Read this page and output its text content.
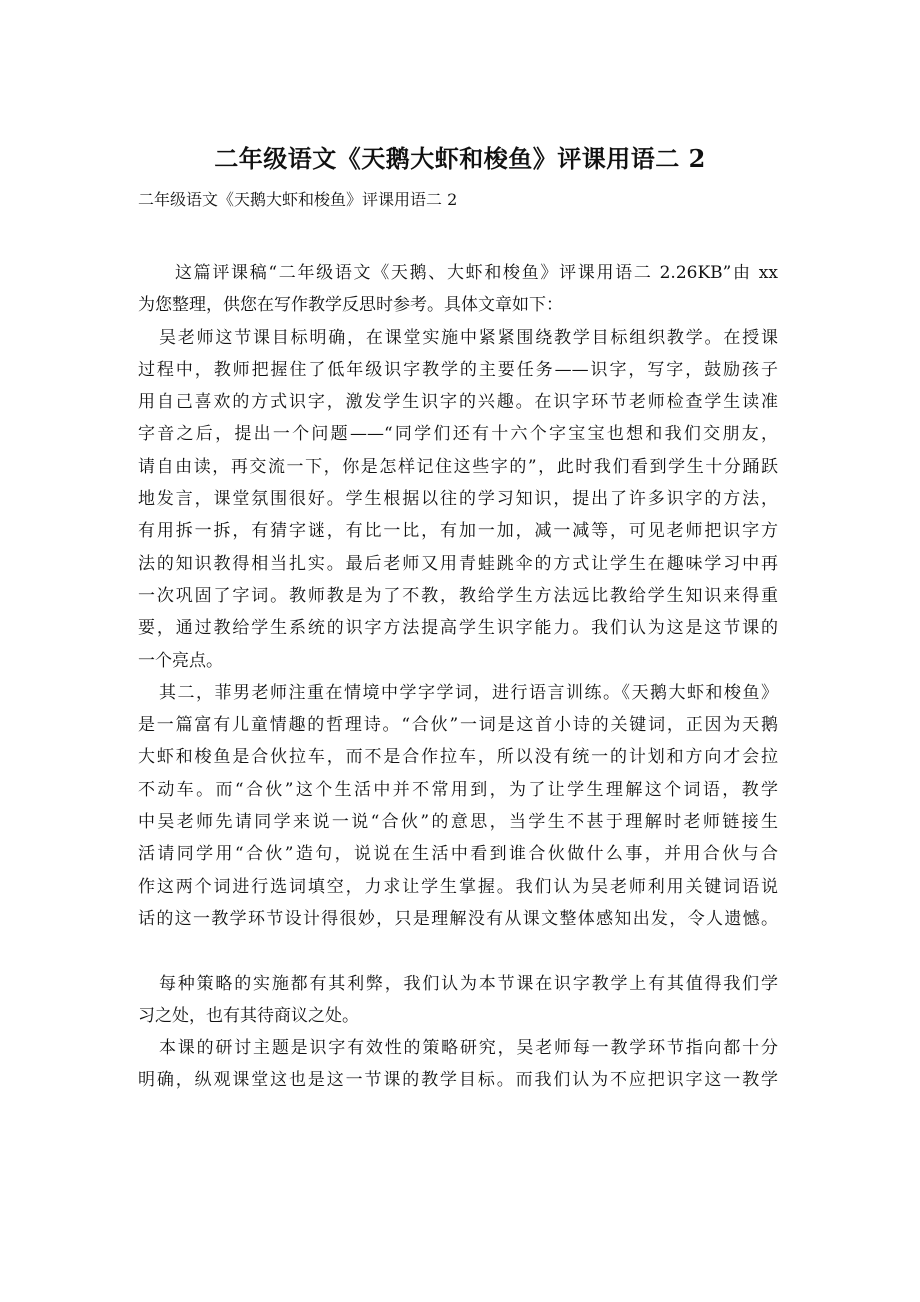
二年级语文《天鹅大虾和梭鱼》评课用语二 2

二年级语文《天鹅大虾和梭鱼》评课用语二 2

这篇评课稿“二年级语文《天鹅、大虾和梭鱼》评课用语二 2.26KB”由 xx
为您整理，供您在写作教学反思时参考。具体文章如下：
吴老师这节课目标明确，在课堂实施中紧紧围绕教学目标组织教学。在授课
过程中，教师把握住了低年级识字教学的主要任务——识字，写字，鼓励孩子
用自己喜欢的方式识字，激发学生识字的兴趣。在识字环节老师检查学生读准
字音之后，提出一个问题——“同学们还有十六个字宝宝也想和我们交朋友，
请自由读，再交流一下，你是怎样记住这些字的”，此时我们看到学生十分踊跃
地发言，课堂氛围很好。学生根据以往的学习知识，提出了许多识字的方法，
有用拆一拆，有猜字谜，有比一比，有加一加，减一减等，可见老师把识字方
法的知识教得相当扎实。最后老师又用青蛙跳伞的方式让学生在趣味学习中再
一次巩固了字词。教师教是为了不教，教给学生方法远比教给学生知识来得重
要，通过教给学生系统的识字方法提高学生识字能力。我们认为这是这节课的
一个亮点。
其二，菲男老师注重在情境中学字学词，进行语言训练。《天鹅大虾和梭鱼》
是一篇富有儿童情趣的哲理诗。“合伙”一词是这首小诗的关键词，正因为天鹅
大虾和梭鱼是合伙拉车，而不是合作拉车，所以没有统一的计划和方向才会拉
不动车。而“合伙”这个生活中并不常用到，为了让学生理解这个词语，教学
中吴老师先请同学来说一说“合伙”的意思，当学生不甚于理解时老师链接生
活请同学用“合伙”造句，说说在生活中看到谁合伙做什么事，并用合伙与合
作这两个词进行选词填空，力求让学生掌握。我们认为吴老师利用关键词语说
话的这一教学环节设计得很妙，只是理解没有从课文整体感知出发，令人遗憾。
每种策略的实施都有其利弊，我们认为本节课在识字教学上有其值得我们学
习之处，也有其待商议之处。
本课的研讨主题是识字有效性的策略研究，吴老师每一教学环节指向都十分
明确，纵观课堂这也是这一节课的教学目标。而我们认为不应把识字这一教学
